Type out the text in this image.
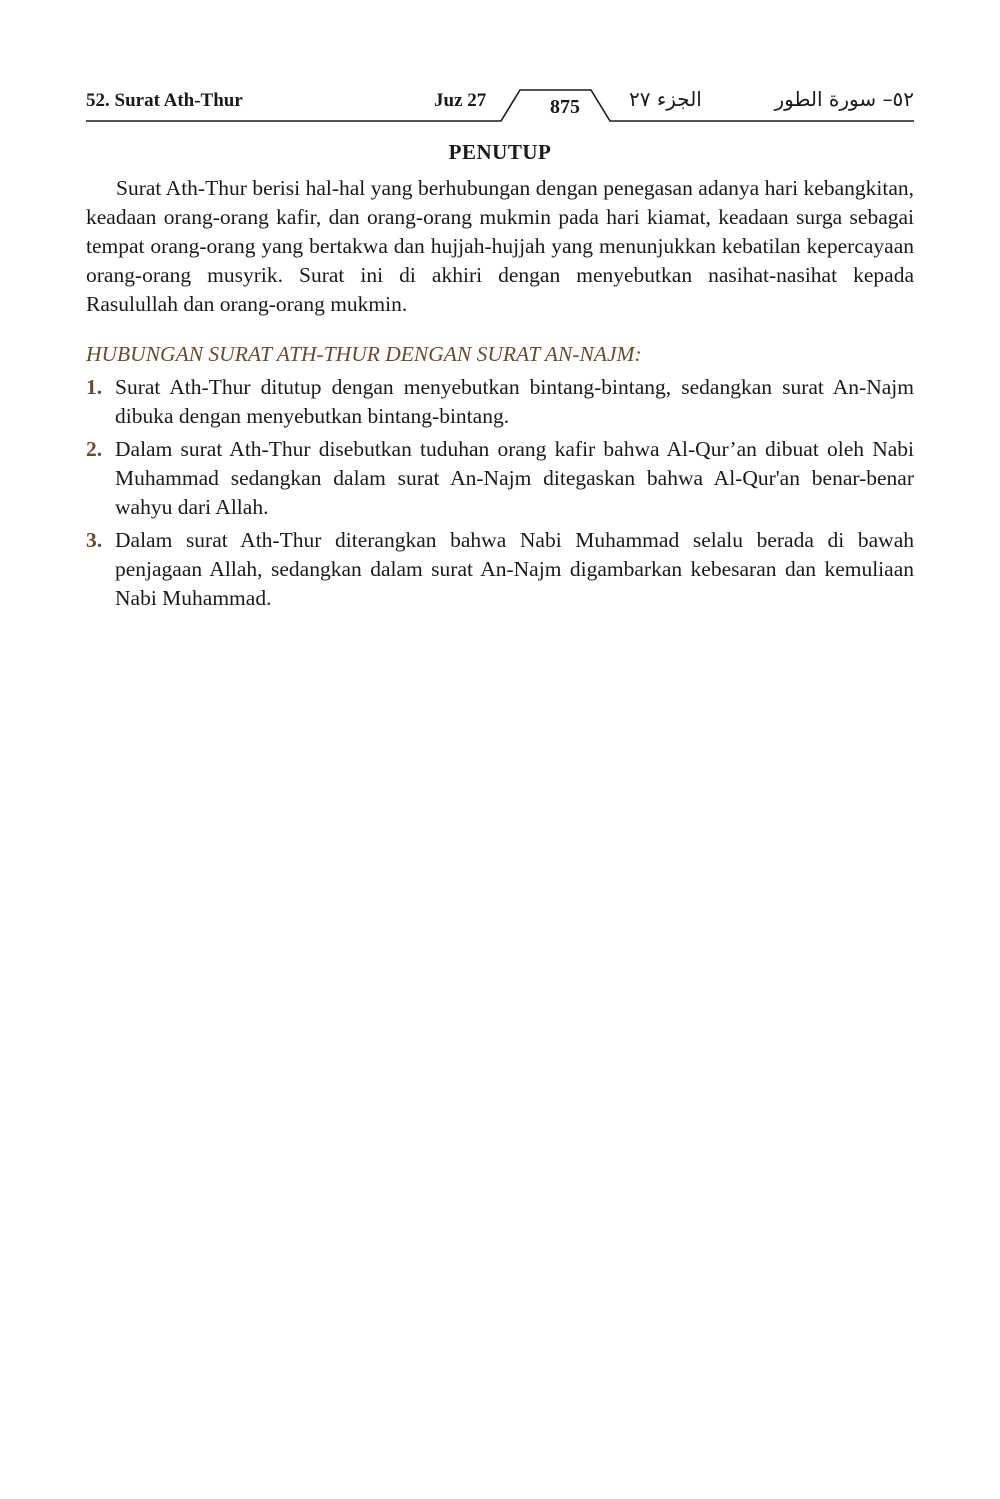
52. Surat Ath-Thur	Juz 27	875	الجزء ٢٧	٥٢– سورة الطور
PENUTUP

Surat Ath-Thur berisi hal-hal yang berhubungan dengan penegasan adanya hari kebangkitan, keadaan orang-orang kafir, dan orang-orang mukmin pada hari kiamat, keadaan surga sebagai tempat orang-orang yang bertakwa dan hujjah-hujjah yang menunjukkan kebatilan kepercayaan orang-orang musyrik. Surat ini di akhiri dengan menyebutkan nasihat-nasihat kepada Rasulullah dan orang-orang mukmin.

HUBUNGAN SURAT ATH-THUR DENGAN SURAT AN-NAJM:
1. Surat Ath-Thur ditutup dengan menyebutkan bintang-bintang, sedangkan surat An-Najm dibuka dengan menyebutkan bintang-bintang.
2. Dalam surat Ath-Thur disebutkan tuduhan orang kafir bahwa Al-Qur’an dibuat oleh Nabi Muhammad sedangkan dalam surat An-Najm ditegaskan bahwa Al-Qur'an benar-benar wahyu dari Allah.
3. Dalam surat Ath-Thur diterangkan bahwa Nabi Muhammad selalu berada di bawah penjagaan Allah, sedangkan dalam surat An-Najm digambarkan kebesaran dan kemuliaan Nabi Muhammad.
